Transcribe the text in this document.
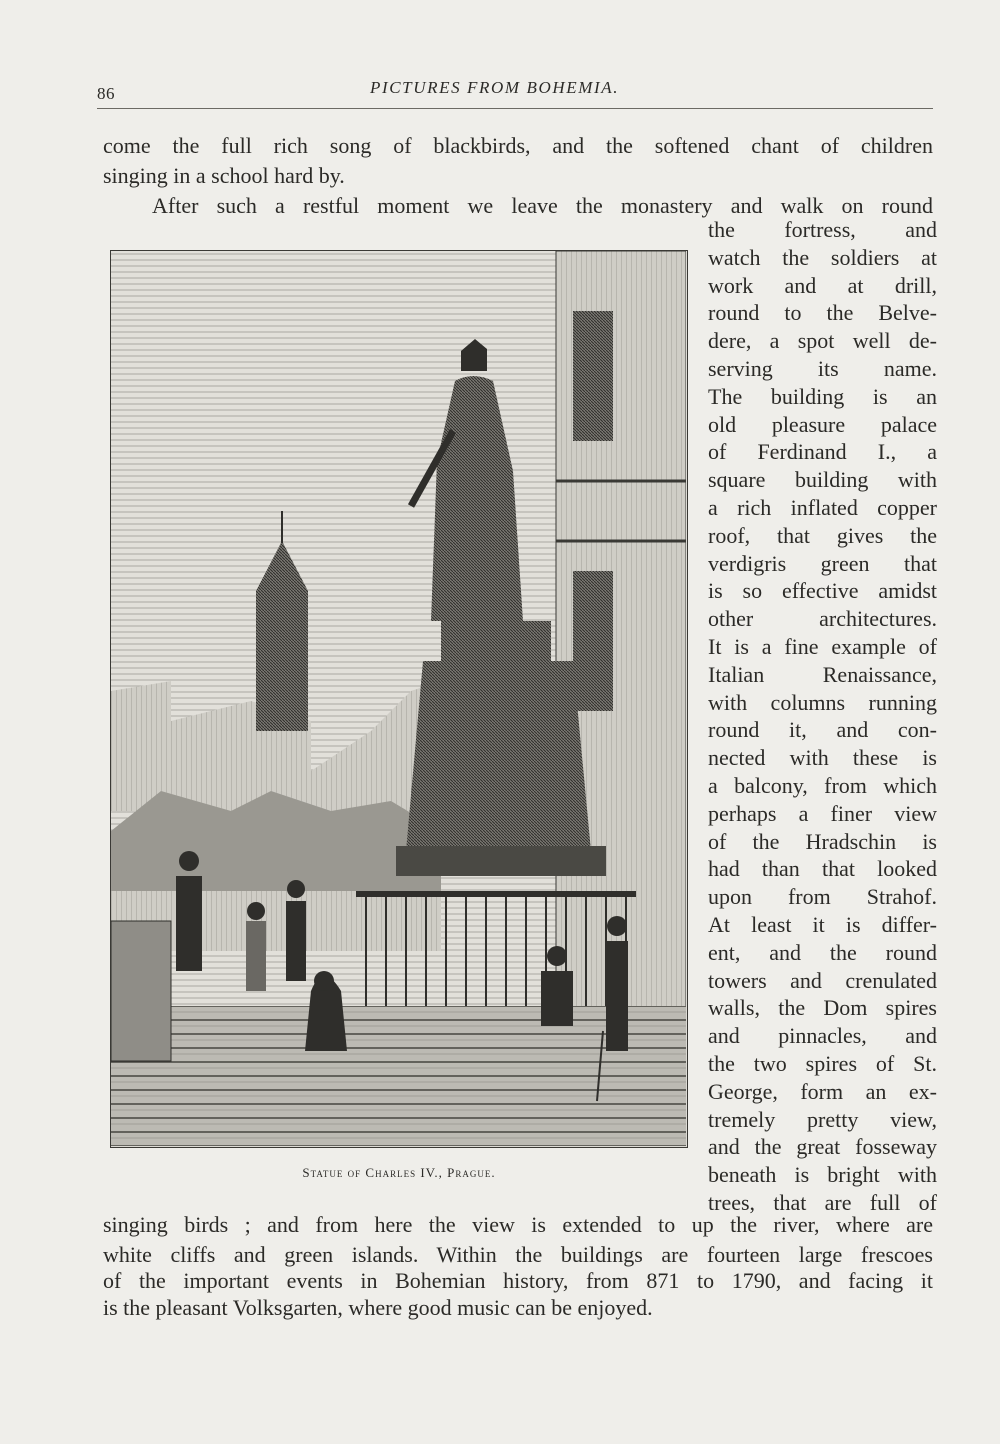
86	PICTURES FROM BOHEMIA.
come the full rich song of blackbirds, and the softened chant of children
singing in a school hard by.
After such a restful moment we leave the monastery and walk on round
the fortress, and
watch the soldiers at
work and at drill,
round to the Belve-
dere, a spot well de-
serving its name.
The building is an
old pleasure palace
of Ferdinand I., a
square building with
a rich inflated copper
roof, that gives the
verdigris green that
is so effective amidst
other architectures.
It is a fine example of
Italian Renaissance,
with columns running
round it, and con-
nected with these is
a balcony, from which
perhaps a finer view
of the Hradschin is
had than that looked
upon from Strahof.
At least it is differ-
ent, and the round
towers and crenulated
walls, the Dom spires
and pinnacles, and
the two spires of St.
George, form an ex-
tremely pretty view,
and the great fosseway
beneath is bright with
trees, that are full of
Statue of Charles IV., Prague.
singing birds ; and from here the view is extended to up the river, where are
white cliffs and green islands. Within the buildings are fourteen large frescoes
of the important events in Bohemian history, from 871 to 1790, and facing it
is the pleasant Volksgarten, where good music can be enjoyed.
